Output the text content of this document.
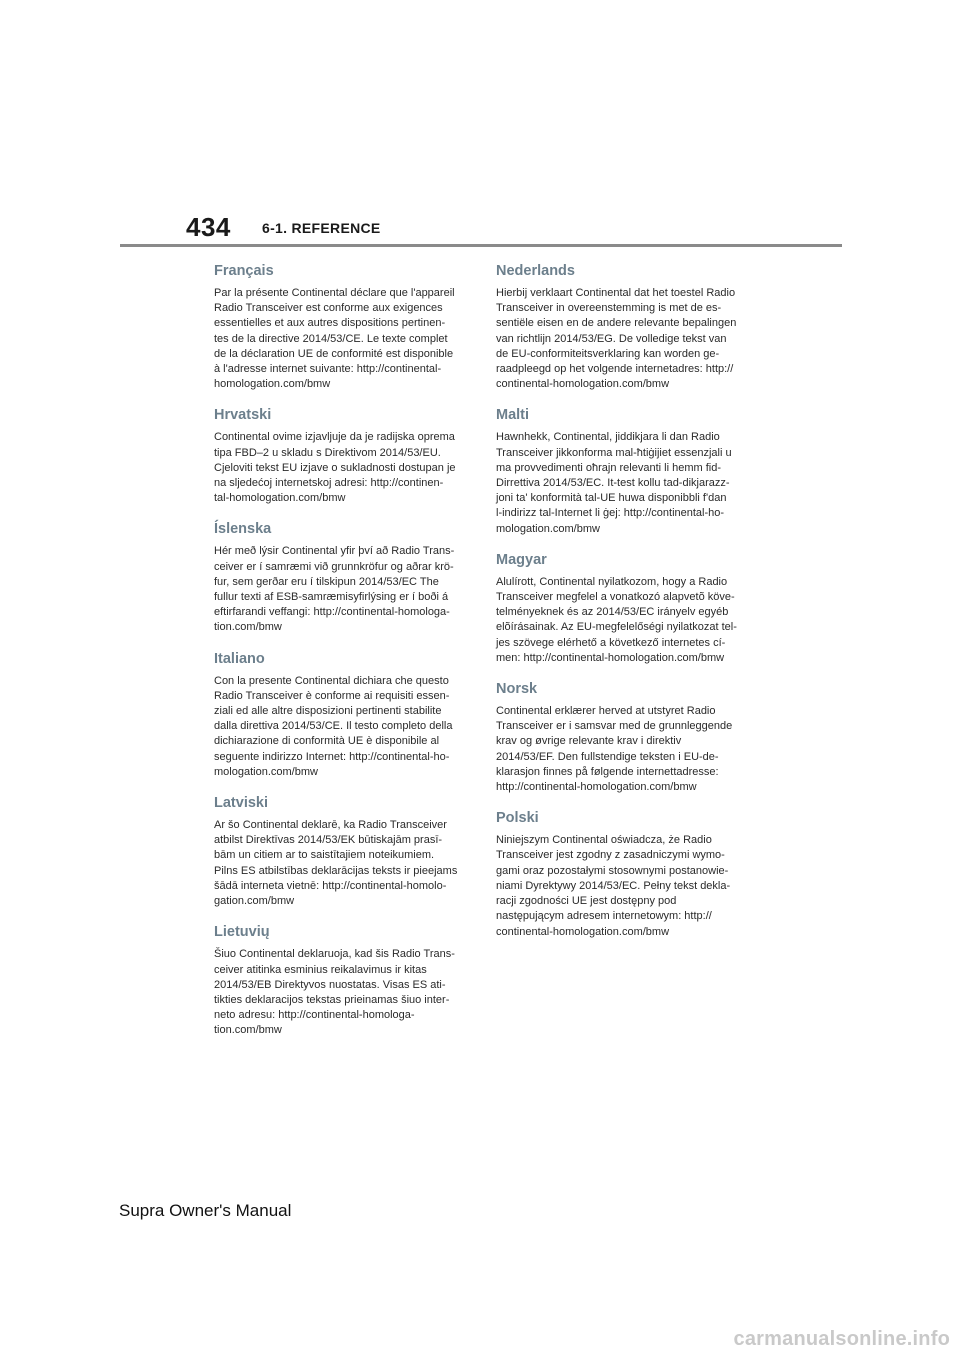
434 6-1. REFERENCE
Français

Par la présente Continental déclare que l'appareil
Radio Transceiver est conforme aux exigences
essentielles et aux autres dispositions pertinen-
tes de la directive 2014/53/CE. Le texte complet
de la déclaration UE de conformité est disponible
à l'adresse internet suivante: http://continental-
homologation.com/bmw

Hrvatski

Continental ovime izjavljuje da je radijska oprema
tipa FBD–2 u skladu s Direktivom 2014/53/EU.
Cjeloviti tekst EU izjave o sukladnosti dostupan je
na sljedećoj internetskoj adresi: http://continen-
tal-homologation.com/bmw

Íslenska

Hér með lýsir Continental yfir því að Radio Trans-
ceiver er í samræmi við grunnkröfur og aðrar krö-
fur, sem gerðar eru í tilskipun 2014/53/EC The
fullur texti af ESB-samræmisyfirlýsing er í boði á
eftirfarandi veffangi: http://continental-homologa-
tion.com/bmw

Italiano

Con la presente Continental dichiara che questo
Radio Transceiver è conforme ai requisiti essen-
ziali ed alle altre disposizioni pertinenti stabilite
dalla direttiva 2014/53/CE. Il testo completo della
dichiarazione di conformità UE è disponibile al
seguente indirizzo Internet: http://continental-ho-
mologation.com/bmw

Latviski

Ar šo Continental deklarē, ka Radio Transceiver
atbilst Direktīvas 2014/53/EK būtiskajām prasī-
bām un citiem ar to saistītajiem noteikumiem.
Pilns ES atbilstības deklarācijas teksts ir pieejams
šādā interneta vietnē: http://continental-homolo-
gation.com/bmw

Lietuvių

Šiuo Continental deklaruoja, kad šis Radio Trans-
ceiver atitinka esminius reikalavimus ir kitas
2014/53/EB Direktyvos nuostatas. Visas ES ati-
tikties deklaracijos tekstas prieinamas šiuo inter-
neto adresu: http://continental-homologa-
tion.com/bmw

Nederlands

Hierbij verklaart Continental dat het toestel Radio
Transceiver in overeenstemming is met de es-
sentiële eisen en de andere relevante bepalingen
van richtlijn 2014/53/EG. De volledige tekst van
de EU-conformiteitsverklaring kan worden ge-
raadpleegd op het volgende internetadres: http://
continental-homologation.com/bmw

Malti

Hawnhekk, Continental, jiddikjara li dan Radio
Transceiver jikkonforma mal-ħtiġijiet essenzjali u
ma provvedimenti oħrajn relevanti li hemm fid-
Dirrettiva 2014/53/EC. It-test kollu tad-dikjarazz-
joni ta' konformità tal-UE huwa disponibbli f'dan
l-indirizz tal-Internet li ġej: http://continental-ho-
mologation.com/bmw

Magyar

Alulírott, Continental nyilatkozom, hogy a Radio
Transceiver megfelel a vonatkozó alapvetõ köve-
telményeknek és az 2014/53/EC irányelv egyéb
elõírásainak. Az EU-megfelelőségi nyilatkozat tel-
jes szövege elérhető a következő internetes cí-
men: http://continental-homologation.com/bmw

Norsk

Continental erklærer herved at utstyret Radio
Transceiver er i samsvar med de grunnleggende
krav og øvrige relevante krav i direktiv
2014/53/EF. Den fullstendige teksten i EU-de-
klarasjon finnes på følgende internettadresse:
http://continental-homologation.com/bmw

Polski

Niniejszym Continental oświadcza, że Radio
Transceiver jest zgodny z zasadniczymi wymo-
gami oraz pozostałymi stosownymi postanowie-
niami Dyrektywy 2014/53/EC. Pełny tekst dekla-
racji zgodności UE jest dostępny pod
następującym adresem internetowym: http://
continental-homologation.com/bmw

Supra Owner's Manual
carmanualsonline.info
